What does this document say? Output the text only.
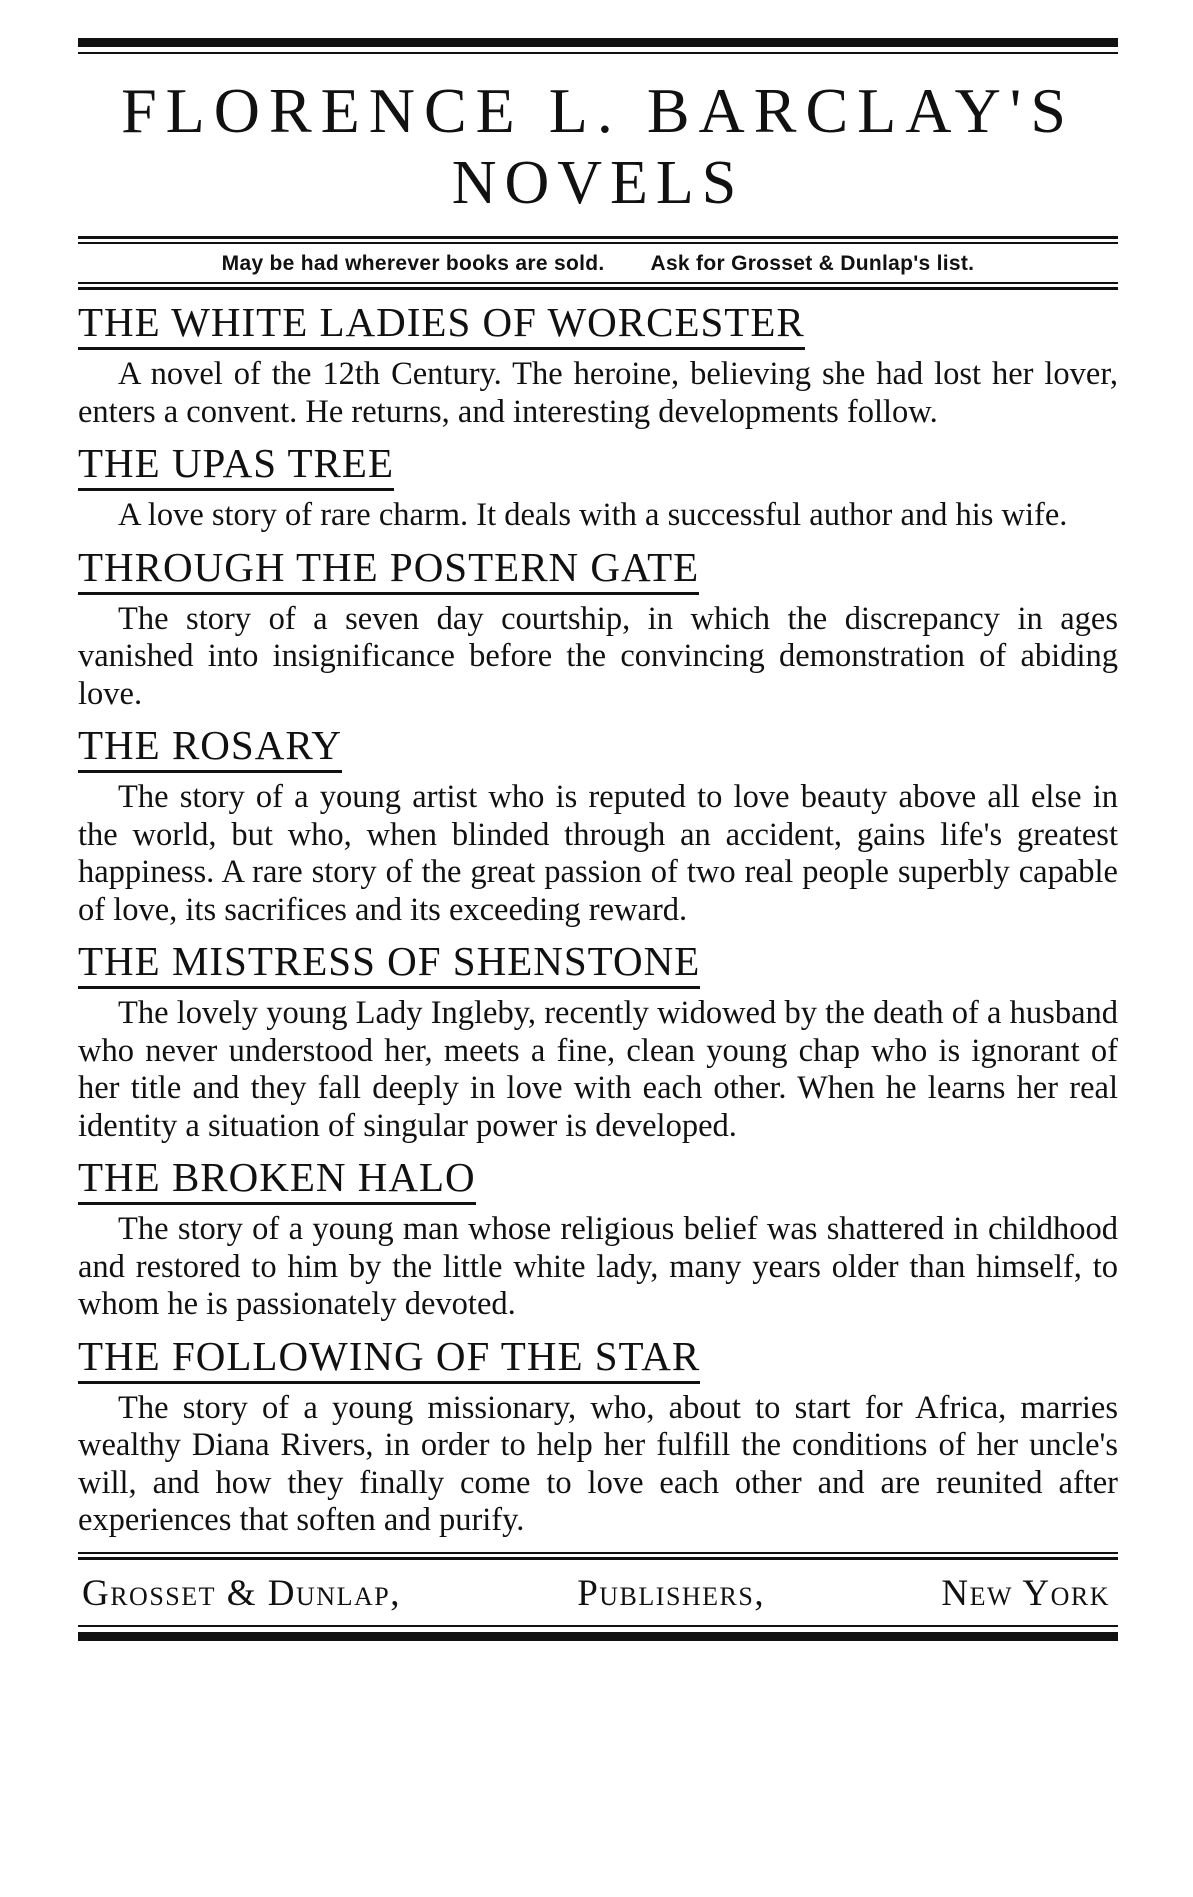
FLORENCE L. BARCLAY'S
NOVELS
May be had wherever books are sold. Ask for Grosset & Dunlap's list.
THE WHITE LADIES OF WORCESTER

A novel of the 12th Century. The heroine, believing she had lost her lover, enters a convent. He returns, and interesting developments follow.

THE UPAS TREE

A love story of rare charm. It deals with a successful author and his wife.

THROUGH THE POSTERN GATE

The story of a seven day courtship, in which the discrepancy in ages vanished into insignificance before the convincing demonstration of abiding love.

THE ROSARY

The story of a young artist who is reputed to love beauty above all else in the world, but who, when blinded through an accident, gains life's greatest happiness. A rare story of the great passion of two real people superbly capable of love, its sacrifices and its exceeding reward.

THE MISTRESS OF SHENSTONE

The lovely young Lady Ingleby, recently widowed by the death of a husband who never understood her, meets a fine, clean young chap who is ignorant of her title and they fall deeply in love with each other. When he learns her real identity a situation of singular power is developed.

THE BROKEN HALO

The story of a young man whose religious belief was shattered in childhood and restored to him by the little white lady, many years older than himself, to whom he is passionately devoted.

THE FOLLOWING OF THE STAR

The story of a young missionary, who, about to start for Africa, marries wealthy Diana Rivers, in order to help her fulfill the conditions of her uncle's will, and how they finally come to love each other and are reunited after experiences that soften and purify.

Grosset & Dunlap,	Publishers,	New York
